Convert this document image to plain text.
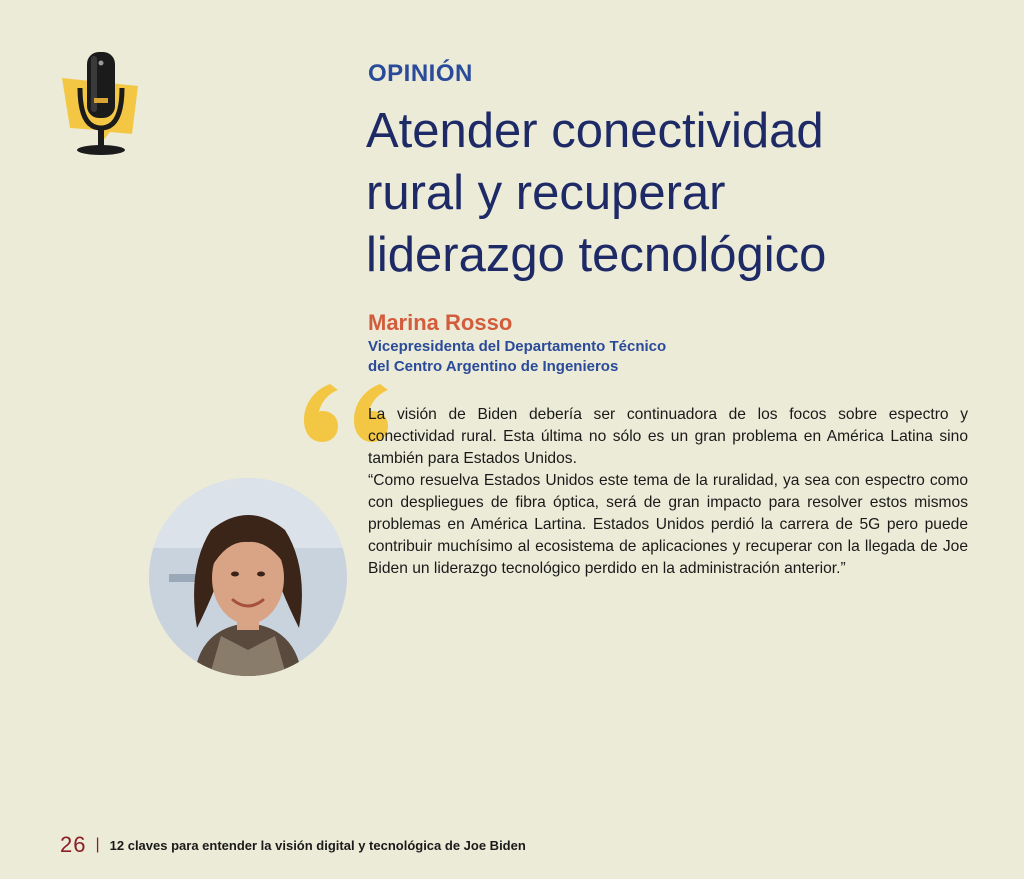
OPINIÓN
Atender conectividad
rural y recuperar
liderazgo tecnológico
Marina Rosso
Vicepresidenta del Departamento Técnico
del Centro Argentino de Ingenieros

La visión de Biden debería ser continuadora de los focos sobre espectro y conectividad rural. Esta última no sólo es un gran problema en América Latina sino también para Estados Unidos.

“Como resuelva Estados Unidos este tema de la ruralidad, ya sea con espectro como con despliegues de fibra óptica, será de gran impacto para resolver estos mismos problemas en América Lartina. Estados Unidos perdió la carrera de 5G pero puede contribuir muchísimo al ecosistema de aplicaciones y recuperar con la llegada de Joe Biden un liderazgo tecnológico perdido en la administración anterior.”

26 | 12 claves para entender la visión digital y tecnológica de Joe Biden
